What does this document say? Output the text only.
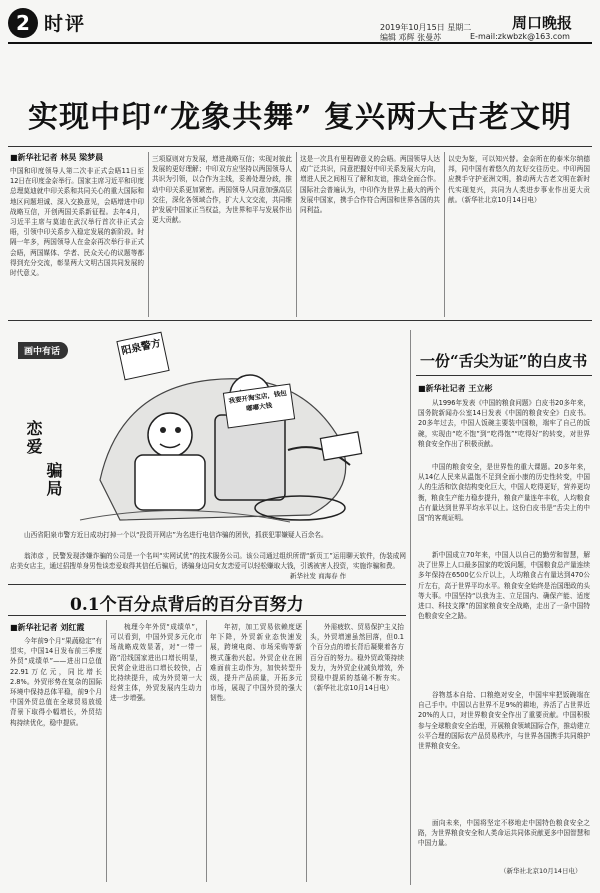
2 时评	2019年10月15日 星期二	周口晚报
编辑 邓辉 张曼苏	E-mail:zkwbzk@163.com
实现中印“龙象共舞” 复兴两大古老文明
■新华社记者 林昊 梁梦晨
中国和印度领导人第二次非正式会晤11日至12日在印度金奈举行。国家主席习近平和印度总理莫迪就中印关系和共同关心的重大国际和地区问题坦诚、深入交换意见，会晤增进中印战略互信，开创两国关系新征程。去年4月，习近平主席与莫迪在武汉举行首次非正式会晤，引领中印关系步入稳定发展的新阶段。时隔一年多，两国领导人在金奈再次举行非正式会晤，两国媒体、学者、民众关心的议题等都得到充分交流，彰显两大文明古国共同发展的时代意义。
三项原则对方发展，增进战略互信；实现对彼此发展的更好理解；中印双方应坚持以两国领导人共识为引领，以合作为主线，妥善处理分歧，推动中印关系更加紧密。两国领导人同意加强高层交往，深化各领域合作，扩大人文交流，共同维护发展中国家正当权益，为世界和平与发展作出更大贡献。
这是一次具有里程碑意义的会晤。两国领导人达成广泛共识，同意把握好中印关系发展大方向，增进人民之间相互了解和友谊，推动全面合作。国际社会普遍认为，中印作为世界上最大的两个发展中国家，携手合作符合两国和世界各国的共同利益。
以史为鉴，可以知兴替。金奈所在的泰米尔纳德邦，同中国有着悠久的友好交往历史。中印两国应携手守护亚洲文明，推动两大古老文明在新时代实现复兴，共同为人类进步事业作出更大贡献。（新华社北京10月14日电）
画中有话	阳泉警方
我要开淘宝店，钱包嘟嘟大钱
恋爱
骗局
山西省阳泉市警方近日成功打掉一个以“投资开网店”为名进行电信诈骗的团伙，抓获犯罪嫌疑人百余名。
翁沛彦 ，民警发现涉嫌诈骗的公司是一个名叫“实网试优”的技术服务公司。该公司通过组织所谓“新页工”运用聊天软件，伪装成网店美女店主，通过招搜单身男性谈恋爱取得其信任后骗后，诱骗身边同女友恋爱可以轻松赚取大钱，引诱被害人投资，实施诈骗和费。
新华社发 商海春 作
一份“舌尖为证”的白皮书
■新华社记者 王立彬
从1996年发表《中国的粮食问题》白皮书20多年来，国务院新闻办公室14日发表《中国的粮食安全》白皮书。20多年过去，中国人饭碗主要装中国粮，端牢了自己的饭碗，实现由“吃不饱”到“吃得饱”“吃得好”的转变，对世界粮食安全作出了积极贡献。
中国的粮食安全，是世界性的重大课题。20多年来，从14亿人民来从温饱不足到全面小康的历史性转变，中国人的生活和饮食结构变化巨大，中国人吃得更好，营养更均衡，粮食生产能力稳步提升，粮食产量连年丰收，人均粮食占有量达到世界平均水平以上。这份白皮书是“舌尖上的中国”的客观证明。
新中国成立70年来，中国人以自己的勤劳和智慧，解决了世界上人口最多国家的吃饭问题，中国粮食总产量连续多年保持在6500亿公斤以上，人均粮食占有量达到470公斤左右，高于世界平均水平。粮食安全始终是治国理政的头等大事。中国坚持“以我为主、立足国内、确保产能、适度进口、科技支撑”的国家粮食安全战略，走出了一条中国特色粮食安全之路。
谷物基本自给、口粮绝对安全，中国牢牢把饭碗端在自己手中。中国以占世界不足9%的耕地，养活了占世界近20%的人口，对世界粮食安全作出了重要贡献。中国积极参与全球粮食安全治理，开展粮食领域国际合作，推动建立公平合理的国际农产品贸易秩序，与世界各国携手共同维护世界粮食安全。
面向未来，中国将坚定不移地走中国特色粮食安全之路，为世界粮食安全和人类命运共同体贡献更多中国智慧和中国力量。
（新华社北京10月14日电）
0.1个百分点背后的百分百努力
■新华社记者 刘红霞
今年前9个月“果蔬稳定”有望实，中国14日发布前三季度外贸“成绩单”——进出口总值22.91万亿元，同比增长2.8%。外贸形势在复杂的国际环境中保持总体平稳，前9个月中国外贸总值在全球贸易放缓背景下取得小幅增长，外贸结构持续优化，稳中提质。
梳理今年外贸“成绩单”，可以看到，中国外贸多元化市场战略成效显著，对“一带一路”沿线国家进出口增长明显，民营企业进出口增长较快，占比持续提升，成为外贸第一大经营主体，外贸发展内生动力进一步增强。
年初，加工贸易依赖度逐年下降，外贸新业态快速发展，跨境电商、市场采购等新模式蓬勃兴起。外贸企业在困难面前主动作为，加快转型升级，提升产品质量，开拓多元市场，展现了中国外贸的强大韧性。
外需疲软、贸易保护主义抬头，外贸增速虽然回落，但0.1个百分点的增长背后凝聚着各方百分百的努力。稳外贸政策持续发力，为外贸企业减负增效，外贸稳中提质的基础不断夯实。（新华社北京10月14日电）
